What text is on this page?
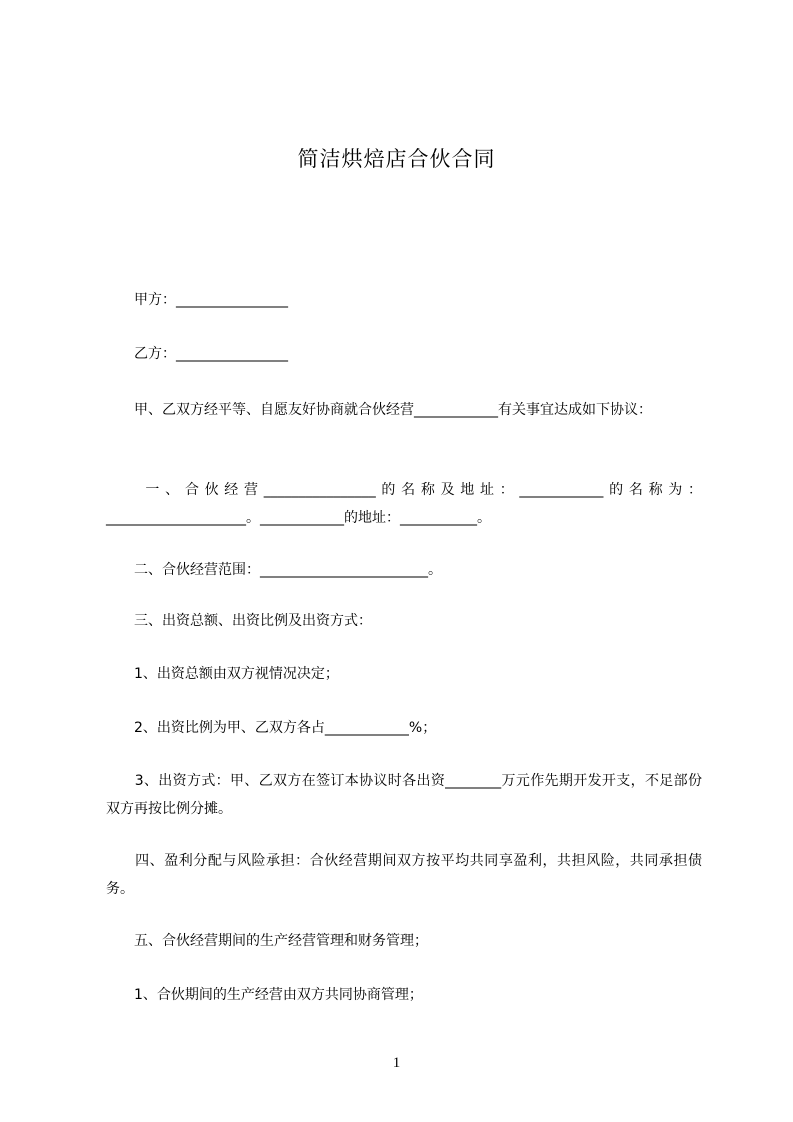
简洁烘焙店合伙合同
　　甲方：________________
　　乙方：________________
　　甲、乙双方经平等、自愿友好协商就合伙经营____________有关事宜达成如下协议：
　　一、合伙经营________________的名称及地址：____________的名称为：____________________。____________的地址：___________。
　　二、合伙经营范围：________________________。
　　三、出资总额、出资比例及出资方式：
　　1、出资总额由双方视情况决定；
　　2、出资比例为甲、乙双方各占____________%；
　　3、出资方式：甲、乙双方在签订本协议时各出资________万元作先期开发开支，不足部份双方再按比例分摊。
　　四、盈利分配与风险承担：合伙经营期间双方按平均共同享盈利，共担风险，共同承担债务。
　　五、合伙经营期间的生产经营管理和财务管理；
　　1、合伙期间的生产经营由双方共同协商管理；
1
